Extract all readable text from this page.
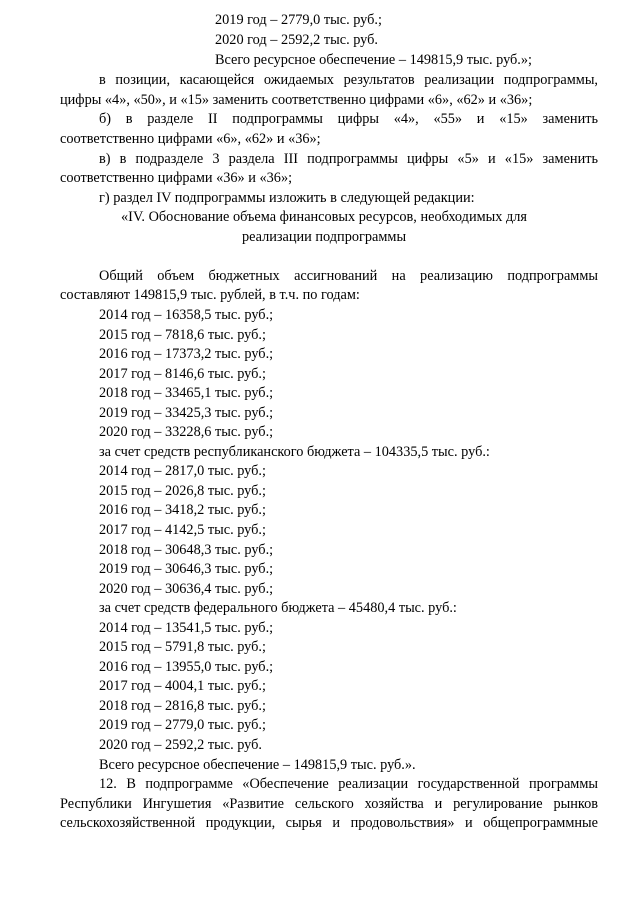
2019 год – 2779,0 тыс. руб.;
2020 год – 2592,2 тыс. руб.
Всего ресурсное обеспечение – 149815,9 тыс. руб.»;
в позиции, касающейся ожидаемых результатов реализации подпрограммы,
цифры «4», «50», и «15» заменить соответственно цифрами «6», «62» и «36»;
б) в разделе II подпрограммы цифры «4», «55» и «15» заменить
соответственно цифрами «6», «62» и «36»;
в) в подразделе 3 раздела III подпрограммы цифры «5» и «15» заменить
соответственно цифрами «36» и «36»;
г) раздел IV подпрограммы изложить в следующей редакции:
«IV. Обоснование объема финансовых ресурсов, необходимых для
реализации подпрограммы
Общий объем бюджетных ассигнований на реализацию подпрограммы
составляют 149815,9 тыс. рублей, в т.ч. по годам:
2014 год – 16358,5 тыс. руб.;
2015 год – 7818,6 тыс. руб.;
2016 год – 17373,2 тыс. руб.;
2017 год – 8146,6 тыс. руб.;
2018 год – 33465,1 тыс. руб.;
2019 год – 33425,3 тыс. руб.;
2020 год – 33228,6 тыс. руб.;
за счет средств республиканского бюджета – 104335,5 тыс. руб.:
2014 год – 2817,0 тыс. руб.;
2015 год – 2026,8 тыс. руб.;
2016 год – 3418,2 тыс. руб.;
2017 год – 4142,5 тыс. руб.;
2018 год – 30648,3 тыс. руб.;
2019 год – 30646,3 тыс. руб.;
2020 год – 30636,4 тыс. руб.;
за счет средств федерального бюджета – 45480,4 тыс. руб.:
2014 год – 13541,5 тыс. руб.;
2015 год – 5791,8 тыс. руб.;
2016 год – 13955,0 тыс. руб.;
2017 год – 4004,1 тыс. руб.;
2018 год – 2816,8 тыс. руб.;
2019 год – 2779,0 тыс. руб.;
2020 год – 2592,2 тыс. руб.
Всего ресурсное обеспечение – 149815,9 тыс. руб.».
12. В подпрограмме «Обеспечение реализации государственной программы
Республики Ингушетия «Развитие сельского хозяйства и регулирование рынков
сельскохозяйственной продукции, сырья и продовольствия» и общепрограммные
